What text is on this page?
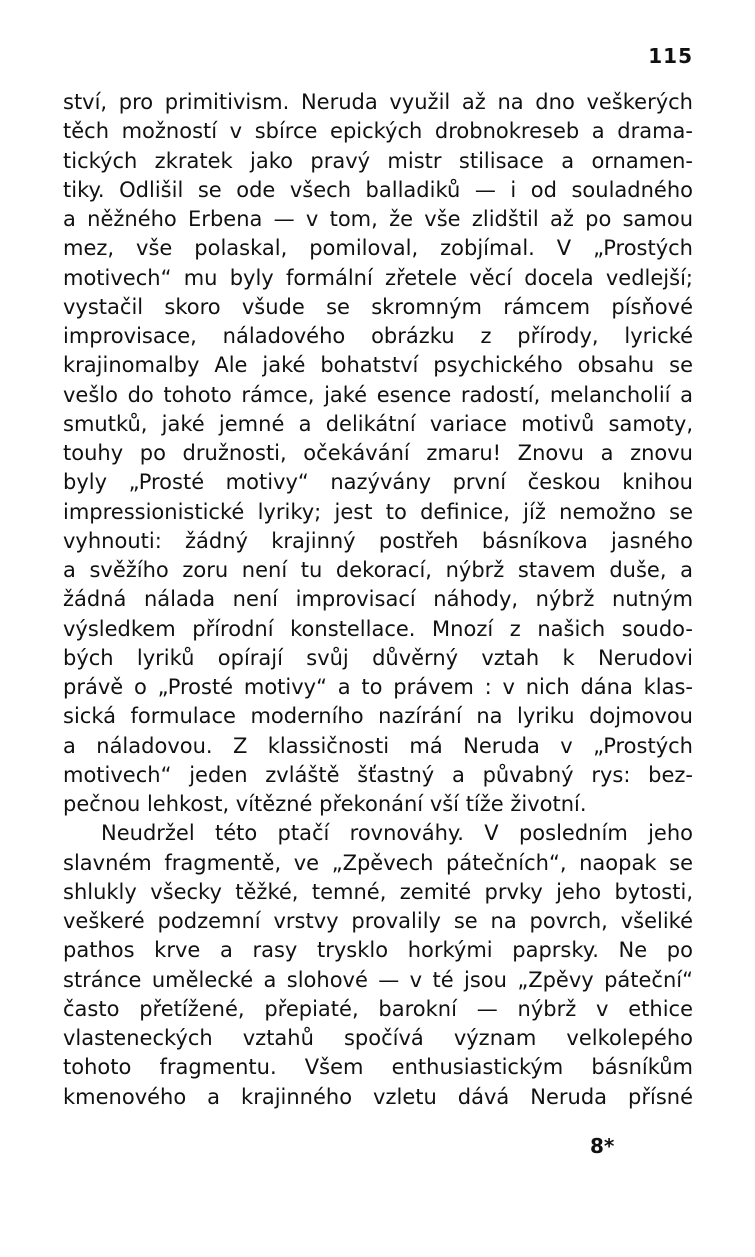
115
ství, pro primitivism. Neruda využil až na dno veškerých
těch možností v sbírce epických drobnokreseb a drama-
tických zkratek jako pravý mistr stilisace a ornamen-
tiky. Odlišil se ode všech balladiků — i od souladného
a něžného Erbena — v tom, že vše zlidštil až po samou
mez, vše polaskal, pomiloval, zobjímal. V „Prostých
motivech“ mu byly formální zřetele věcí docela vedlejší;
vystačil skoro všude se skromným rámcem písňové
improvisace, náladového obrázku z přírody, lyrické
krajinomalby Ale jaké bohatství psychického obsahu se
vešlo do tohoto rámce, jaké esence radostí, melancholií a
smutků, jaké jemné a delikátní variace motivů samoty,
touhy po družnosti, očekávání zmaru! Znovu a znovu
byly „Prosté motivy“ nazývány první českou knihou
impressionistické lyriky; jest to definice, jíž nemožno se
vyhnouti: žádný krajinný postřeh básníkova jasného
a svěžího zoru není tu dekorací, nýbrž stavem duše, a
žádná nálada není improvisací náhody, nýbrž nutným
výsledkem přírodní konstellace. Mnozí z našich soudo-
bých lyriků opírají svůj důvěrný vztah k Nerudovi
právě o „Prosté motivy“ a to právem : v nich dána klas-
sická formulace moderního nazírání na lyriku dojmovou
a náladovou. Z klassičnosti má Neruda v „Prostých
motivech“ jeden zvláště šťastný a půvabný rys: bez-
pečnou lehkost, vítězné překonání vší tíže životní.
Neudržel této ptačí rovnováhy. V posledním jeho
slavném fragmentě, ve „Zpěvech pátečních“, naopak se
shlukly všecky těžké, temné, zemité prvky jeho bytosti,
veškeré podzemní vrstvy provalily se na povrch, všeliké
pathos krve a rasy trysklo horkými paprsky. Ne po
stránce umělecké a slohové — v té jsou „Zpěvy páteční“
často přetížené, přepiaté, barokní — nýbrž v ethice
vlasteneckých vztahů spočívá význam velkolepého
tohoto fragmentu. Všem enthusiastickým básníkům
kmenového a krajinného vzletu dává Neruda přísné
8*
